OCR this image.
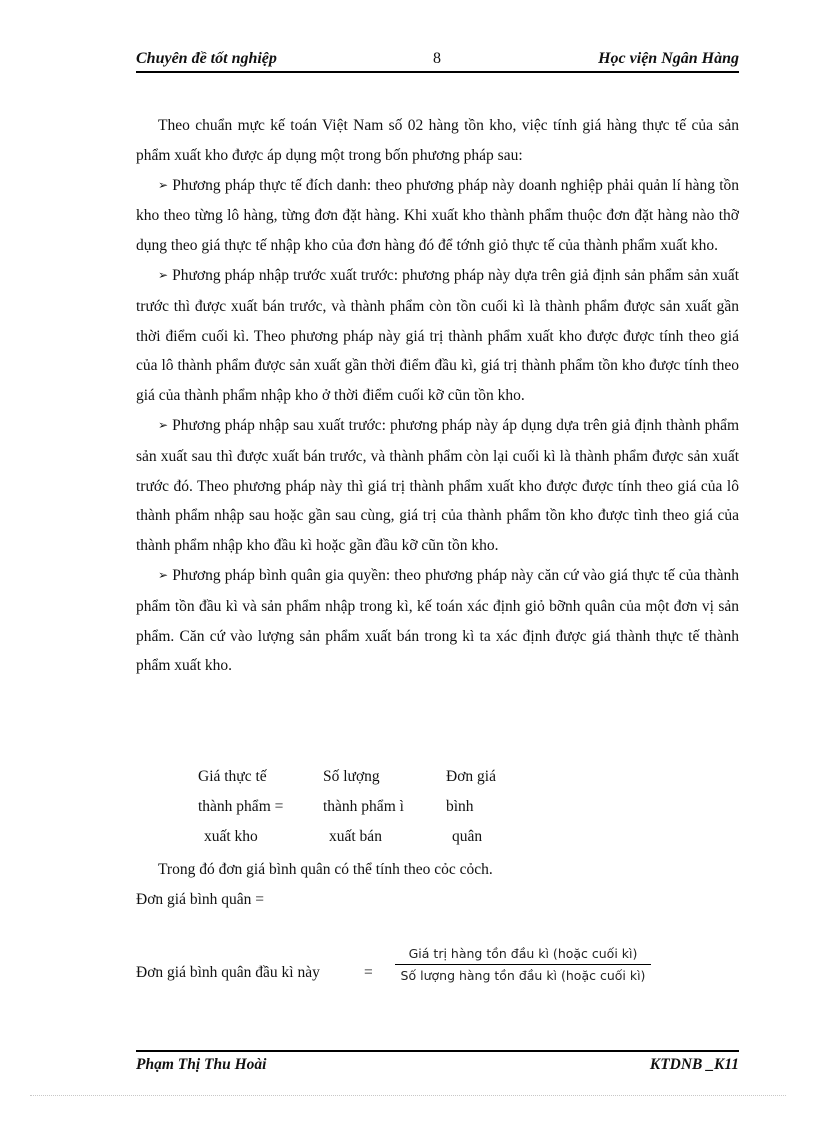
Chuyên đề tốt nghiệp	8	Học viện Ngân Hàng

Theo chuẩn mực kế toán Việt Nam số 02 hàng tồn kho, việc tính giá hàng thực tế của sản phẩm xuất kho được áp dụng một trong bốn phương pháp sau:

➢ Phương pháp thực tế đích danh: theo phương pháp này doanh nghiệp phải quản lí hàng tồn kho theo từng lô hàng, từng đơn đặt hàng. Khi xuất kho thành phẩm thuộc đơn đặt hàng nào thỡ dụng theo giá thực tế nhập kho của đơn hàng đó để tớnh giỏ thực tế của thành phẩm xuất kho.

➢ Phương pháp nhập trước xuất trước: phương pháp này dựa trên giả định sản phẩm sản xuất trước thì được xuất bán trước, và thành phẩm còn tồn cuối kì là thành phẩm được sản xuất gần thời điểm cuối kì. Theo phương pháp này giá trị thành phẩm xuất kho được được tính theo giá của lô thành phẩm được sản xuất gần thời điểm đầu kì, giá trị thành phẩm tồn kho được tính theo giá của thành phẩm nhập kho ở thời điểm cuối kỡ cũn tồn kho.

➢ Phương pháp nhập sau xuất trước: phương pháp này áp dụng dựa trên giả định thành phẩm sản xuất sau thì được xuất bán trước, và thành phẩm còn lại cuối kì là thành phẩm được sản xuất trước đó. Theo phương pháp này thì giá trị thành phẩm xuất kho được được tính theo giá của lô thành phẩm nhập sau hoặc gần sau cùng, giá trị của thành phẩm tồn kho được tình theo giá của thành phẩm nhập kho đầu kì hoặc gần đầu kỡ cũn tồn kho.

➢ Phương pháp bình quân gia quyền: theo phương pháp này căn cứ vào giá thực tế của thành phẩm tồn đầu kì và sản phẩm nhập trong kì, kế toán xác định giỏ bỡnh quân của một đơn vị sản phẩm. Căn cứ vào lượng sản phẩm xuất bán trong kì ta xác định được giá thành thực tế thành phẩm xuất kho.

Giá thực tế	Số lượng	Đơn giá
thành phẩm =	thành phẩm ì	bình
xuất kho	xuất bán	quân
Trong đó đơn giá bình quân có thể tính theo cỏc cỏch.
Đơn giá bình quân =
Đơn giá bình quân đầu kì này	=
Giá trị hàng tồn đầu kì (hoặc cuối kì)
Số lượng hàng tồn đầu kì (hoặc cuối kì)
Phạm Thị Thu Hoài	KTDNB _K11
